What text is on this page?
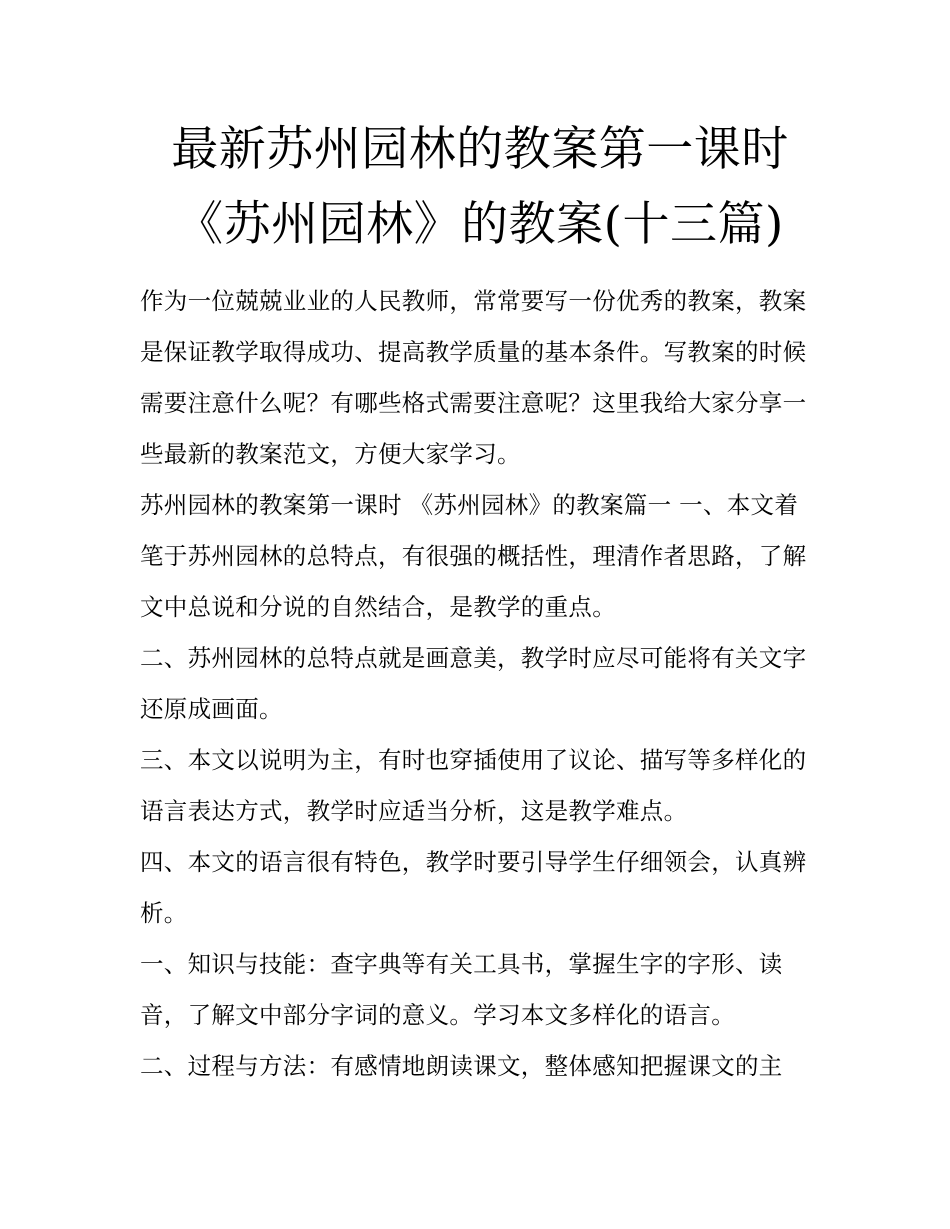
最新苏州园林的教案第一课时
《苏州园林》的教案(十三篇)

作为一位兢兢业业的人民教师，常常要写一份优秀的教案，教案是保证教学取得成功、提高教学质量的基本条件。写教案的时候需要注意什么呢？有哪些格式需要注意呢？这里我给大家分享一些最新的教案范文，方便大家学习。

苏州园林的教案第一课时 《苏州园林》的教案篇一 一、本文着笔于苏州园林的总特点，有很强的概括性，理清作者思路，了解文中总说和分说的自然结合，是教学的重点。

二、苏州园林的总特点就是画意美，教学时应尽可能将有关文字还原成画面。

三、本文以说明为主，有时也穿插使用了议论、描写等多样化的语言表达方式，教学时应适当分析，这是教学难点。

四、本文的语言很有特色，教学时要引导学生仔细领会，认真辨析。

一、知识与技能：查字典等有关工具书，掌握生字的字形、读音，了解文中部分字词的意义。学习本文多样化的语言。

二、过程与方法：有感情地朗读课文，整体感知把握课文的主
